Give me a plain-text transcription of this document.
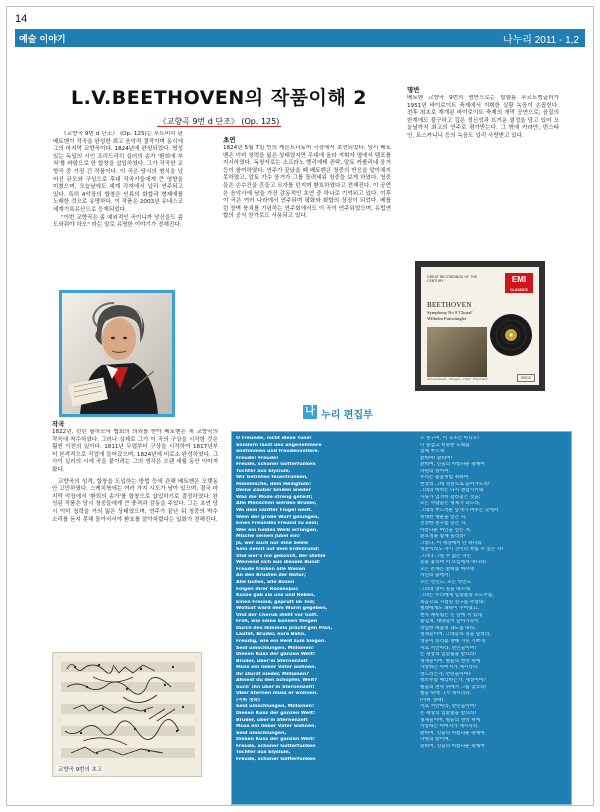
14
예술 이야기	나누리 2011 - 1,2
L.V.BEETHOVEN의 작품이해 2
《교향곡 9번 d 단조》 (Op. 125)

《교향곡 9번 d 단조》 (Op. 125)는 루트비히 판 베토벤이 작곡을 완성한 최고 음악적 결작이며 동시에 그의 마지막 교향곡이다. 1824년에 완성되었다. 명성있는 독일의 시인 프리드리히 실러의 송가 '환희에 부쳐'를 바탕으로 한 합창을 삽입하였다. 그가 작곡한 교향곡 중 가장 긴 작품이다. 이 곡은 당시의 형식을 넘어선 규모와 구성으로 후대 작곡가들에게 큰 영향을 미쳤으며, 오늘날에도 세계 각지에서 널리 연주되고 있다. 특히 4악장의 합창은 인류의 화합과 형제애를 노래한 것으로 유명하다. 이 작품은 2003년 유네스코 세계기록유산으로 등재되었다.

"이번 교향곡은 좀 예외적인 곡이니까 당신들도 좀 도와줘야 하오" 라는 말로 유명한 이야기가 전해진다.

작곡

1822년, 런던 필하모닉 협회의 의뢰를 받아 베토벤은 새 교향곡의 작곡에 착수하였다. 그러나 실제로 그가 이 곡의 구상을 시작한 것은 훨씬 이전의 일이다. 1811년 무렵부터 구상을 시작하여 1817년부터 본격적으로 작업에 들어갔으며, 1824년에 비로소 완성하였다. 그 사이 실러의 시에 곡을 붙이려는 그의 생각은 오랜 세월 동안 이어져 왔다.

교향곡의 성격, 합창을 도입하는 방법 등에 관해 베토벤은 오랫동안 고민하였다. 스케치북에는 여러 가지 시도가 남아 있으며, 결국 마지막 악장에서 '환희의 송가'를 합창으로 삽입하기로 결정하였다. 완성된 작품은 당시 청중들에게 큰 충격과 감동을 주었다. 그는 초연 당시 이미 청력을 거의 잃은 상태였으며, 연주가 끝난 뒤 청중의 박수 소리를 듣지 못해 돌아서서야 환호를 알아차렸다는 일화가 전해진다.

교향곡 9번의 초고
초연

1824년 5월 7일 빈의 케른트너토어 극장에서 초연되었다. 당시 베토벤은 이미 청력을 잃은 상태였지만 무대에 올라 지휘자 옆에서 템포를 지시하였다. 독창자로는 소프라노 헨리에테 존탁, 알토 카롤리네 웅거 등이 참여하였다. 연주가 끝났을 때 베토벤은 청중의 반응을 알아채지 못하였고, 알토 가수 웅거가 그를 돌려세워 청중을 보게 하였다. 청중들은 손수건을 흔들고 모자를 던지며 환호하였다고 전해진다. 이 공연은 음악사에 남을 가장 감동적인 초연 중 하나로 기억되고 있다. 이후 이 곡은 여러 나라에서 연주되며 평화와 화합의 상징이 되었다. 베를린 장벽 붕괴를 기념하는 연주회에서도 이 곡이 연주되었으며, 유럽연합의 공식 찬가로도 사용되고 있다.

명반

베토벤 교향곡 9번의 명반으로는 빌헬름 푸르트벵글러가 1951년 바이로이트 축제에서 지휘한 실황 녹음이 손꼽힌다. 전후 최초로 재개된 바이로이트 축제의 개막 공연으로, 음질의 한계에도 불구하고 깊은 정신성과 뜨거운 열정을 담고 있어 오늘날까지 최고의 연주로 평가받는다. 그 밖에 카라얀, 번스타인, 토스카니니 등의 녹음도 널리 사랑받고 있다.

GREAT RECORDINGS OF THE CENTURY	EMI
CLASSICS
BEETHOVEN
Symphony No.9 'Choral'
Wilhelm Furtwängler
Schwarzkopf · Höngen · Hopf · Edelmann	GROC
나 누리 편집부
O Freunde, nicht diese Töne!
Sondern lasst uns angenehmere
anstimmen und freudenvollere.
Freude! Freude!
Freude, schöner Götterfunken
Tochter aus Elysium,
Wir betreten feuertrunken,
Himmlische, dein Heiligtum!
Deine Zauber binden wieder
Was die Mode streng geteilt;
Alle Menschen werden Brüder,
Wo dein sanfter Flügel weilt.
Wem der große Wurf gelungen,
Eines Freundes Freund zu sein;
Wer ein holdes Weib errungen,
Mische seinen Jubel ein!
Ja, wer auch nur eine Seele
Sein nennt auf dem Erdenrund!
Und wer's nie gekonnt, der stehle
Weinend sich aus diesem Bund!
Freude trinken alle Wesen
An den Brüsten der Natur;
Alle Guten, alle Bösen
Folgen ihrer Rosenspur.
Küsse gab sie uns und Reben,
Einen Freund, geprüft im Tod;
Wollust ward dem Wurm gegeben,
Und der Cherub steht vor Gott.
Froh, wie seine Sonnen fliegen
Durch des Himmels prächt'gen Plan,
Laufet, Brüder, eure Bahn,
Freudig, wie ein Held zum Siegen.
Seid umschlungen, Millionen!
Diesen Kuss der ganzen Welt!
Brüder, über'm Sternenzelt
Muss ein lieber Vater wohnen.
Ihr stürzt nieder, Millionen?
Ahnest du den Schöpfer, Welt?
Such' ihn über'm Sternenzelt!
Über Sternen muss er wohnen.
(이하 생략)
Seid umschlungen, Millionen!
Diesen Kuss der ganzen Welt!
Brüder, über'm Sternenzelt
Muss ein lieber Vater wohnen.
Seid umschlungen,
Diesen Kuss der ganzen Welt!
Freude, schöner Götterfunken
Tochter aus Elysium,
Freude, schöner Götterfunken
오 친구여, 이 곡조는 아니오!
더 즐겁고 희망찬 노래를
함께 부르세.
환희여! 환희여!
환희여, 신들의 아름다운 광채여
낙원의 딸이여,
우리는 불꽃처럼 취하여
천상의 그대 성전으로 들어가노라!
그대의 마력은 다시 결합시키네
시류가 엄격히 갈라놓은 것을;
모든 사람들은 형제가 되노라,
그대의 부드러운 날개가 머무는 곳에서.
위대한 행운을 얻은 자,
진정한 친구를 얻은 자,
아름다운 여인을 얻은 자,
환호성을 함께 올리라!
그렇다, 이 세상에서 단 하나의
영혼이라도 자기 것이라 부를 수 있는 자!
그러나 그럴 수 없는 자는
눈물 흘리며 이 모임에서 떠나라!
모든 존재는 환희를 마시네
자연의 품에서;
모든 선인도, 모든 악인도
그녀의 장미 길을 따르네.
그녀는 우리에게 입맞춤과 포도주를,
죽음으로 시험된 친구를 주었네;
벌레에게도 쾌락이 주어졌고,
천사 케루빔은 신 앞에 서 있네.
즐겁게, 태양들이 날아가듯이
장엄한 하늘의 궤도를 따라,
형제들이여, 그대들의 길을 달려라,
영웅이 승리를 향해 가듯 기쁘게.
서로 껴안아라, 만민들이여!
온 세상의 입맞춤을 받으라!
형제들이여, 별들의 천막 위에
사랑하는 아버지가 계시리라.
엎드리는가, 만민들이여?
창조주를 예감하는가, 세상이여?
별들의 천막 위에서 그를 찾으라!
별들 위에 그가 계시리라.
(이하 생략)
서로 껴안아라, 만민들이여!
온 세상의 입맞춤을 받으라!
형제들이여, 별들의 천막 위에
사랑하는 아버지가 계시리라.
환희여, 신들의 아름다운 광채여
낙원의 딸이여,
환희여, 신들의 아름다운 광채여
